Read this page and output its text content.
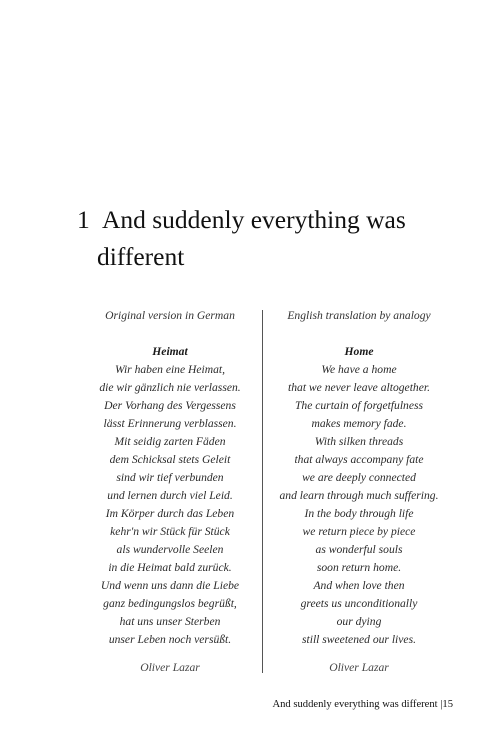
1 And suddenly everything was
different
Original version in German
Heimat
Wir haben eine Heimat,
die wir gänzlich nie verlassen.
Der Vorhang des Vergessens
lässt Erinnerung verblassen.
Mit seidig zarten Fäden
dem Schicksal stets Geleit
sind wir tief verbunden
und lernen durch viel Leid.
Im Körper durch das Leben
kehr'n wir Stück für Stück
als wundervolle Seelen
in die Heimat bald zurück.
Und wenn uns dann die Liebe
ganz bedingungslos begrüßt,
hat uns unser Sterben
unser Leben noch versüßt.
Oliver Lazar
English translation by analogy
Home
We have a home
that we never leave altogether.
The curtain of forgetfulness
makes memory fade.
With silken threads
that always accompany fate
we are deeply connected
and learn through much suffering.
In the body through life
we return piece by piece
as wonderful souls
soon return home.
And when love then
greets us unconditionally
our dying
still sweetened our lives.
Oliver Lazar
And suddenly everything was different |15
